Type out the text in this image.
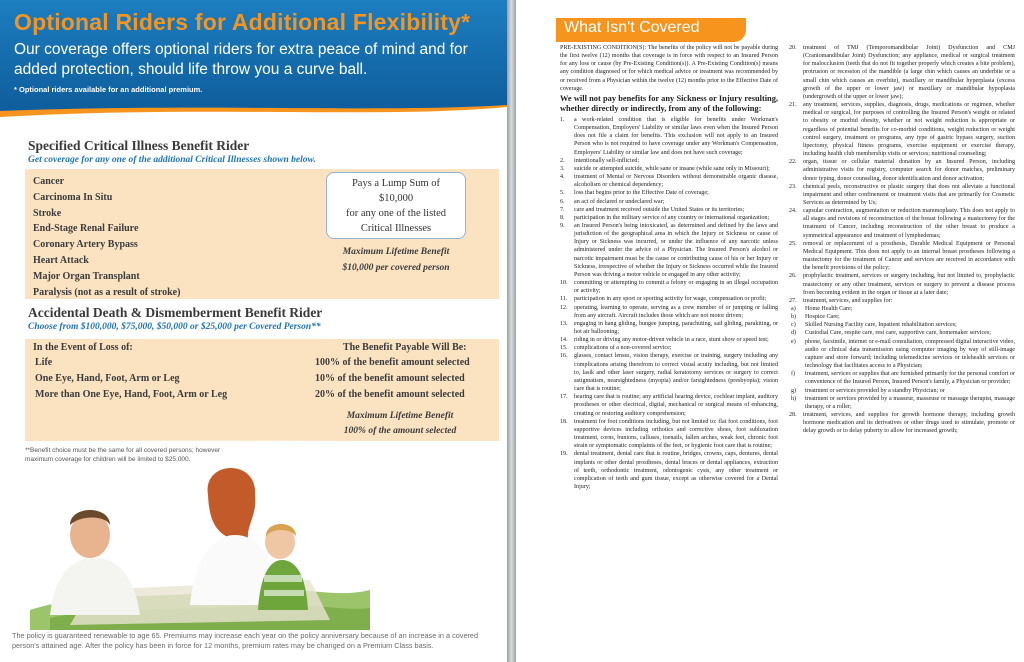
Optional Riders for Additional Flexibility*
Our coverage offers optional riders for extra peace of mind and for added protection, should life throw you a curve ball.
* Optional riders available for an additional premium.
Specified Critical Illness Benefit Rider
Get coverage for any one of the additional Critical Illnesses shown below.
Cancer
Carcinoma In Situ
Stroke
End-Stage Renal Failure
Coronary Artery Bypass
Heart Attack
Major Organ Transplant
Paralysis (not as a result of stroke)
Pays a Lump Sum of
$10,000
for any one of the listed
Critical Illnesses
Maximum Lifetime Benefit
$10,000 per covered person
Accidental Death & Dismemberment Benefit Rider
Choose from $100,000, $75,000, $50,000 or $25,000 per Covered Person**
In the Event of Loss of:	The Benefit Payable Will Be:
Life	100% of the benefit amount selected
One Eye, Hand, Foot, Arm or Leg	10% of the benefit amount selected
More than One Eye, Hand, Foot, Arm or Leg	20% of the benefit amount selected
Maximum Lifetime Benefit
100% of the amount selected
**Benefit choice must be the same for all covered persons; however maximum coverage for children will be limited to $25,000.
The policy is guaranteed renewable to age 65. Premiums may increase each year on the policy anniversary because of an increase in a covered person's attained age. After the policy has been in force for 12 months, premium rates may be changed on a Premium Class basis.
What Isn't Covered

PRE-EXISTING CONDITION(S): The benefits of the policy will not be payable during the first twelve (12) months that coverage is in force with respect to an Insured Person for any loss or cause (by Pre-Existing Condition(s)). A Pre-Existing Condition(s) means any condition diagnosed or for which medical advice or treatment was recommended by or received from a Physician within the twelve (12) months prior to the Effective Date of coverage.

We will not pay benefits for any Sickness or Injury resulting, whether directly or indirectly, from any of the following:

1. a work-related condition that is eligible for benefits under Workman's Compensation, Employers' Liability or similar laws even when the Insured Person does not file a claim for benefits. This exclusion will not apply to an Insured Person who is not required to have coverage under any Workman's Compensation, Employers' Liability or similar law and does not have such coverage;
2. intentionally self-inflicted;
3. suicide or attempted suicide, while sane or insane (while sane only in Missouri);
4. treatment of Mental or Nervous Disorders without demonstrable organic disease, alcoholism or chemical dependency;
5. loss that begins prior to the Effective Date of coverage;
6. an act of declared or undeclared war;
7. care and treatment received outside the United States or its territories;
8. participation in the military service of any country or international organization;
9. an Insured Person's being intoxicated, as determined and defined by the laws and jurisdiction of the geographical area in which the Injury or Sickness or cause of Injury or Sickness was incurred, or under the influence of any narcotic unless administered under the advice of a Physician. The Insured Person's alcohol or narcotic impairment must be the cause or contributing cause of his or her Injury or Sickness, irrespective of whether the Injury or Sickness occurred while the Insured Person was driving a motor vehicle or engaged in any other activity;
10. committing or attempting to commit a felony or engaging in an illegal occupation or activity;
11. participation in any sport or sporting activity for wage, compensation or profit;
12. operating, learning to operate, serving as a crew member of or jumping or falling from any aircraft. Aircraft includes those which are not motor driven;
13. engaging in hang gliding, bungee jumping, parachuting, sail gliding, parakiting, or hot air ballooning;
14. riding in or driving any motor-driven vehicle in a race, stunt show or speed test;
15. complications of a non-covered service;
16. glasses, contact lenses, vision therapy, exercise or training, surgery including any complications arising therefrom to correct visual acuity including, but not limited to, lasik and other laser surgery, radial keratotomy services or surgery to correct astigmatism, nearsightedness (myopia) and/or farsightedness (presbyopia); vision care that is routine;
17. hearing care that is routine; any artificial hearing device, cochlear implant, auditory prostheses or other electrical, digital, mechanical or surgical means of enhancing, creating or restoring auditory comprehension;
18. treatment for foot conditions including, but not limited to: flat foot conditions, foot supportive devices including orthotics and corrective shoes, foot subluxation treatment, corns, bunions, calluses, toenails, fallen arches, weak feet, chronic foot strain or symptomatic complaints of the feet, or hygienic foot care that is routine;
19. dental treatment, dental care that is routine, bridges, crowns, caps, dentures, dental implants or other dental prostheses, dental braces or dental appliances, extraction of teeth, orthodontic treatment, odontogenic cysts, any other treatment or complication of teeth and gum tissue, except as otherwise covered for a Dental Injury;
20. treatment of TMJ (Temporomandibular Joint) Dysfunction and CMJ (Craniomandibular Joint) Dysfunction; any appliance, medical or surgical treatment for malocclusion (teeth that do not fit together properly which creates a bite problem), protrusion or recession of the mandible (a large chin which causes an underbite or a small chin which causes an overbite), maxillary or mandibular hyperplasia (excess growth of the upper or lower jaw) or maxillary or mandibular hypoplasia (undergrowth of the upper or lower jaw);
21. any treatment, services, supplies, diagnosis, drugs, medications or regimen, whether medical or surgical, for purposes of controlling the Insured Person's weight or related to obesity or morbid obesity, whether or not weight reduction is appropriate or regardless of potential benefits for co-morbid conditions, weight reduction or weight control surgery, treatment or programs, any type of gastric bypass surgery, suction lipectomy, physical fitness programs, exercise equipment or exercise therapy, including health club membership visits or services; nutritional counseling;
22. organ, tissue or cellular material donation by an Insured Person, including administrative visits for registry, computer search for donor matches, preliminary donor typing, donor counseling, donor identification and donor activation;
23. chemical peels, reconstructive or plastic surgery that does not alleviate a functional impairment and other confinement or treatment visits that are primarily for Cosmetic Services as determined by Us;
24. capsular contraction, augmentation or reduction mammoplasty. This does not apply to all stages and revisions of reconstruction of the breast following a mastectomy for the treatment of Cancer, including reconstruction of the other breast to produce a symmetrical appearance and treatment of lymphedemas;
25. removal or replacement of a prosthesis, Durable Medical Equipment or Personal Medical Equipment. This does not apply to an internal breast prostheses following a mastectomy for the treatment of Cancer and services are received in accordance with the benefit provisions of the policy;
26. prophylactic treatment, services or surgery including, but not limited to, prophylactic mastectomy or any other treatment, services or surgery to prevent a disease process from becoming evident in the organ or tissue at a later date;
27. treatment, services, and supplies for:
a) Home Health Care;
b) Hospice Care;
c) Skilled Nursing Facility care, Inpatient rehabilitation services;
d) Custodial Care, respite care, rest care, supportive care, homemaker services;
e) phone, facsimile, internet or e-mail consultation, compressed digital interactive video, audio or clinical data transmission using computer imaging by way of still-image capture and store forward; including telemedicine services or telehealth services or technology that facilitates access to a Physician;
f) treatment, services or supplies that are furnished primarily for the personal comfort or convenience of the Insured Person, Insured Person's family, a Physician or provider;
g) treatment or services provided by a standby Physician; or
h) treatment or services provided by a masseur, masseuse or massage therapist, massage therapy, or a roller;
28. treatment, services, and supplies for growth hormone therapy, including growth hormone medication and its derivatives or other drugs used to stimulate, promote or delay growth or to delay puberty to allow for increased growth;
